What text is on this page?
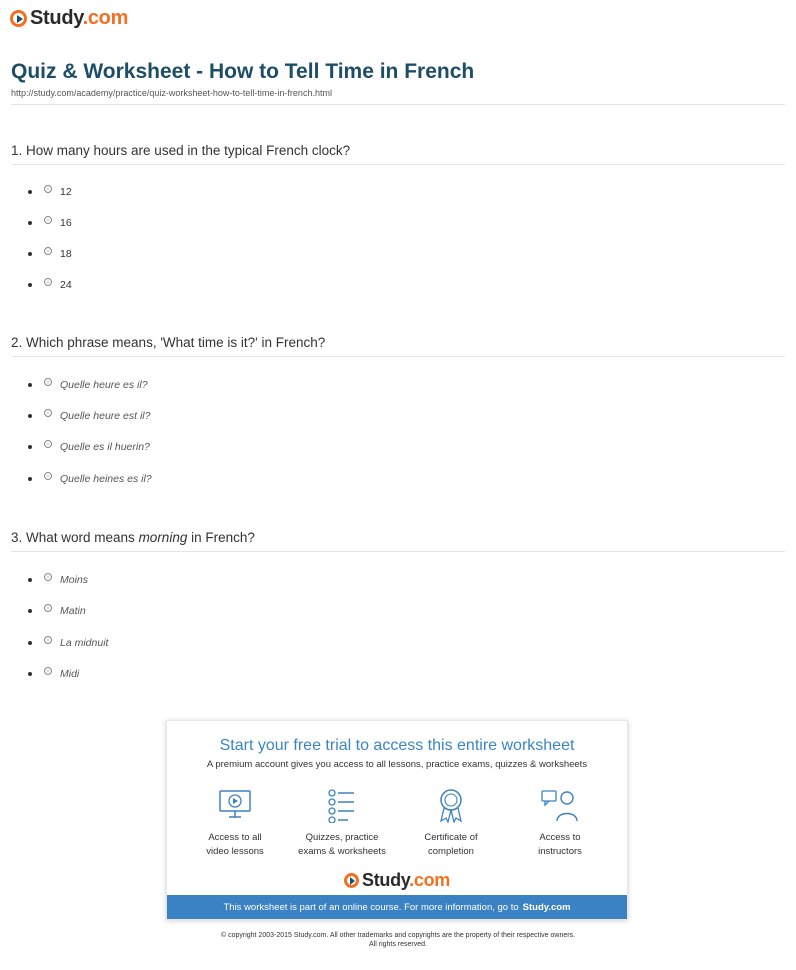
Study.com
Quiz & Worksheet - How to Tell Time in French
http://study.com/academy/practice/quiz-worksheet-how-to-tell-time-in-french.html
1. How many hours are used in the typical French clock?
12
16
18
24
2. Which phrase means, 'What time is it?' in French?
Quelle heure es il?
Quelle heure est il?
Quelle es il huerin?
Quelle heines es il?
3. What word means morning in French?
Moins
Matin
La midnuit
Midi
Start your free trial to access this entire worksheet
A premium account gives you access to all lessons, practice exams, quizzes & worksheets
Access to all
video lessons
Quizzes, practice
exams & worksheets
Certificate of
completion
Access to
instructors
Study.com
This worksheet is part of an online course. For more information, go to Study.com
© copyright 2003-2015 Study.com. All other trademarks and copyrights are the property of their respective owners.
All rights reserved.
